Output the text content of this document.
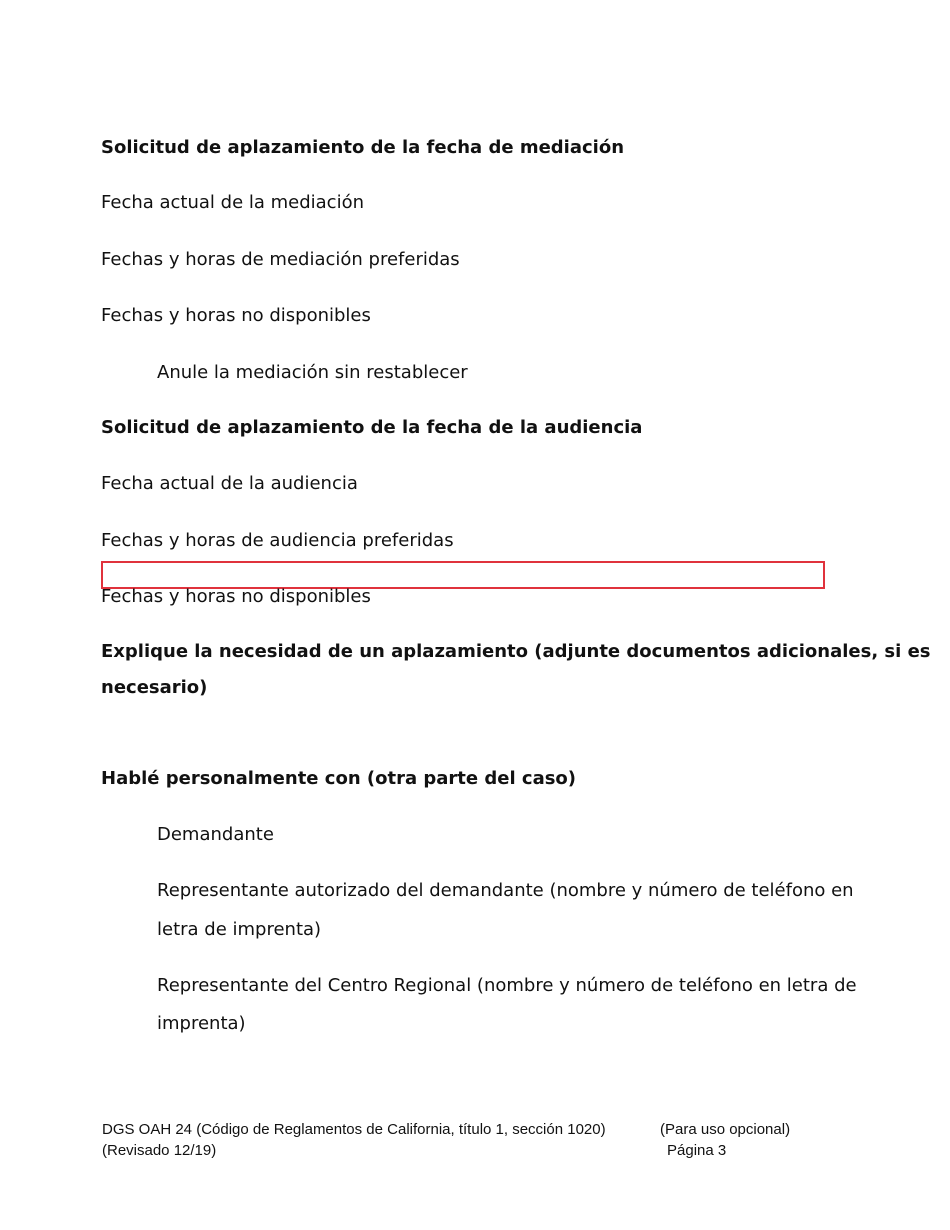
Solicitud de aplazamiento de la fecha de mediación
Fecha actual de la mediación
Fechas y horas de mediación preferidas
Fechas y horas no disponibles
Anule la mediación sin restablecer
Solicitud de aplazamiento de la fecha de la audiencia
Fecha actual de la audiencia
Fechas y horas de audiencia preferidas
Fechas y horas no disponibles
Explique la necesidad de un aplazamiento (adjunte documentos adicionales, si es
necesario)
Hablé personalmente con (otra parte del caso)
Demandante
Representante autorizado del demandante (nombre y número de teléfono en
letra de imprenta)
Representante del Centro Regional (nombre y número de teléfono en letra de
imprenta)
DGS OAH 24 (Código de Reglamentos de California, título 1, sección 1020)
(Revisado 12/19)
(Para uso opcional)
Página 3
